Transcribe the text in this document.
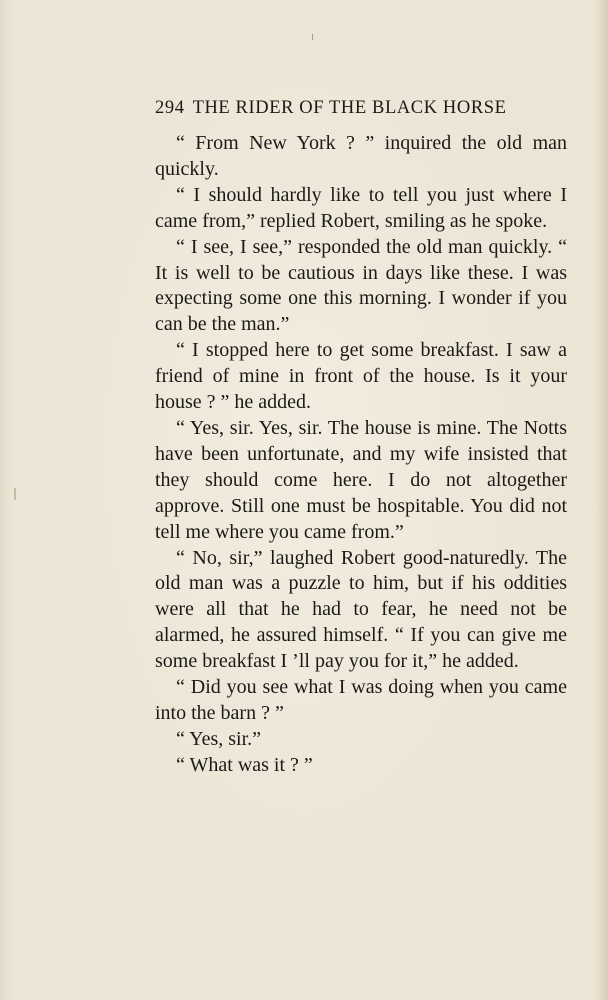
294 THE RIDER OF THE BLACK HORSE

“ From New York ? ” inquired the old man quickly.

“ I should hardly like to tell you just where I came from,” replied Robert, smiling as he spoke.

“ I see, I see,” responded the old man quickly. “ It is well to be cautious in days like these. I was expecting some one this morning. I wonder if you can be the man.”

“ I stopped here to get some breakfast. I saw a friend of mine in front of the house. Is it your house ? ” he added.

“ Yes, sir. Yes, sir. The house is mine. The Notts have been unfortunate, and my wife insisted that they should come here. I do not altogether approve. Still one must be hospitable. You did not tell me where you came from.”

“ No, sir,” laughed Robert good-naturedly. The old man was a puzzle to him, but if his oddities were all that he had to fear, he need not be alarmed, he assured himself. “ If you can give me some breakfast I ’ll pay you for it,” he added.

“ Did you see what I was doing when you came into the barn ? ”

“ Yes, sir.”

“ What was it ? ”
